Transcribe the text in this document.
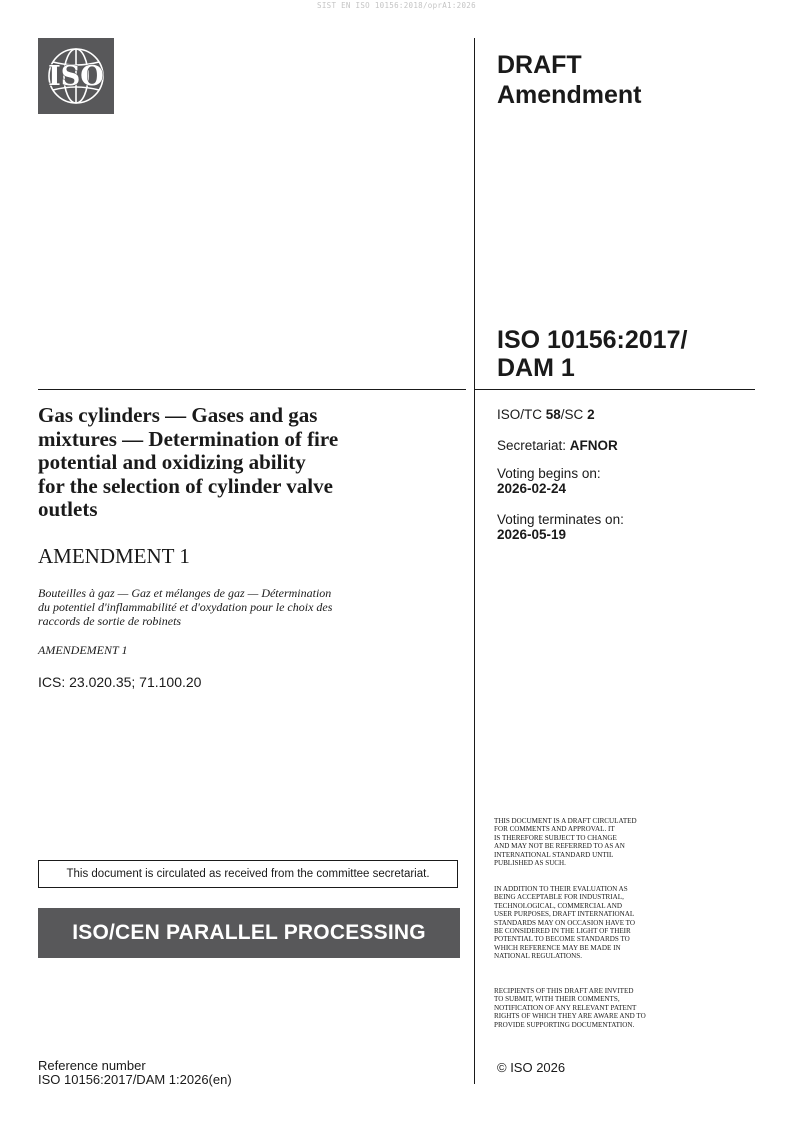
SIST EN ISO 10156:2018/oprA1:2026
ISO	DRAFT
Amendment
ISO 10156:2017/
DAM 1
Gas cylinders — Gases and gas
mixtures — Determination of fire
potential and oxidizing ability
for the selection of cylinder valve
outlets
AMENDMENT 1
Bouteilles à gaz — Gaz et mélanges de gaz — Détermination
du potentiel d'inflammabilité et d'oxydation pour le choix des
raccords de sortie de robinets
AMENDEMENT 1
ICS: 23.020.35; 71.100.20
ISO/TC 58/SC 2
Secretariat: AFNOR
Voting begins on:
2026-02-24
Voting terminates on:
2026-05-19
THIS DOCUMENT IS A DRAFT CIRCULATED
FOR COMMENTS AND APPROVAL. IT
IS THEREFORE SUBJECT TO CHANGE
AND MAY NOT BE REFERRED TO AS AN
INTERNATIONAL STANDARD UNTIL
PUBLISHED AS SUCH.
IN ADDITION TO THEIR EVALUATION AS
BEING ACCEPTABLE FOR INDUSTRIAL,
TECHNOLOGICAL, COMMERCIAL AND
USER PURPOSES, DRAFT INTERNATIONAL
STANDARDS MAY ON OCCASION HAVE TO
BE CONSIDERED IN THE LIGHT OF THEIR
POTENTIAL TO BECOME STANDARDS TO
WHICH REFERENCE MAY BE MADE IN
NATIONAL REGULATIONS.
RECIPIENTS OF THIS DRAFT ARE INVITED
TO SUBMIT, WITH THEIR COMMENTS,
NOTIFICATION OF ANY RELEVANT PATENT
RIGHTS OF WHICH THEY ARE AWARE AND TO
PROVIDE SUPPORTING DOCUMENTATION.
© ISO 2026
This document is circulated as received from the committee secretariat.
ISO/CEN PARALLEL PROCESSING
Reference number
ISO 10156:2017/DAM 1:2026(en)
